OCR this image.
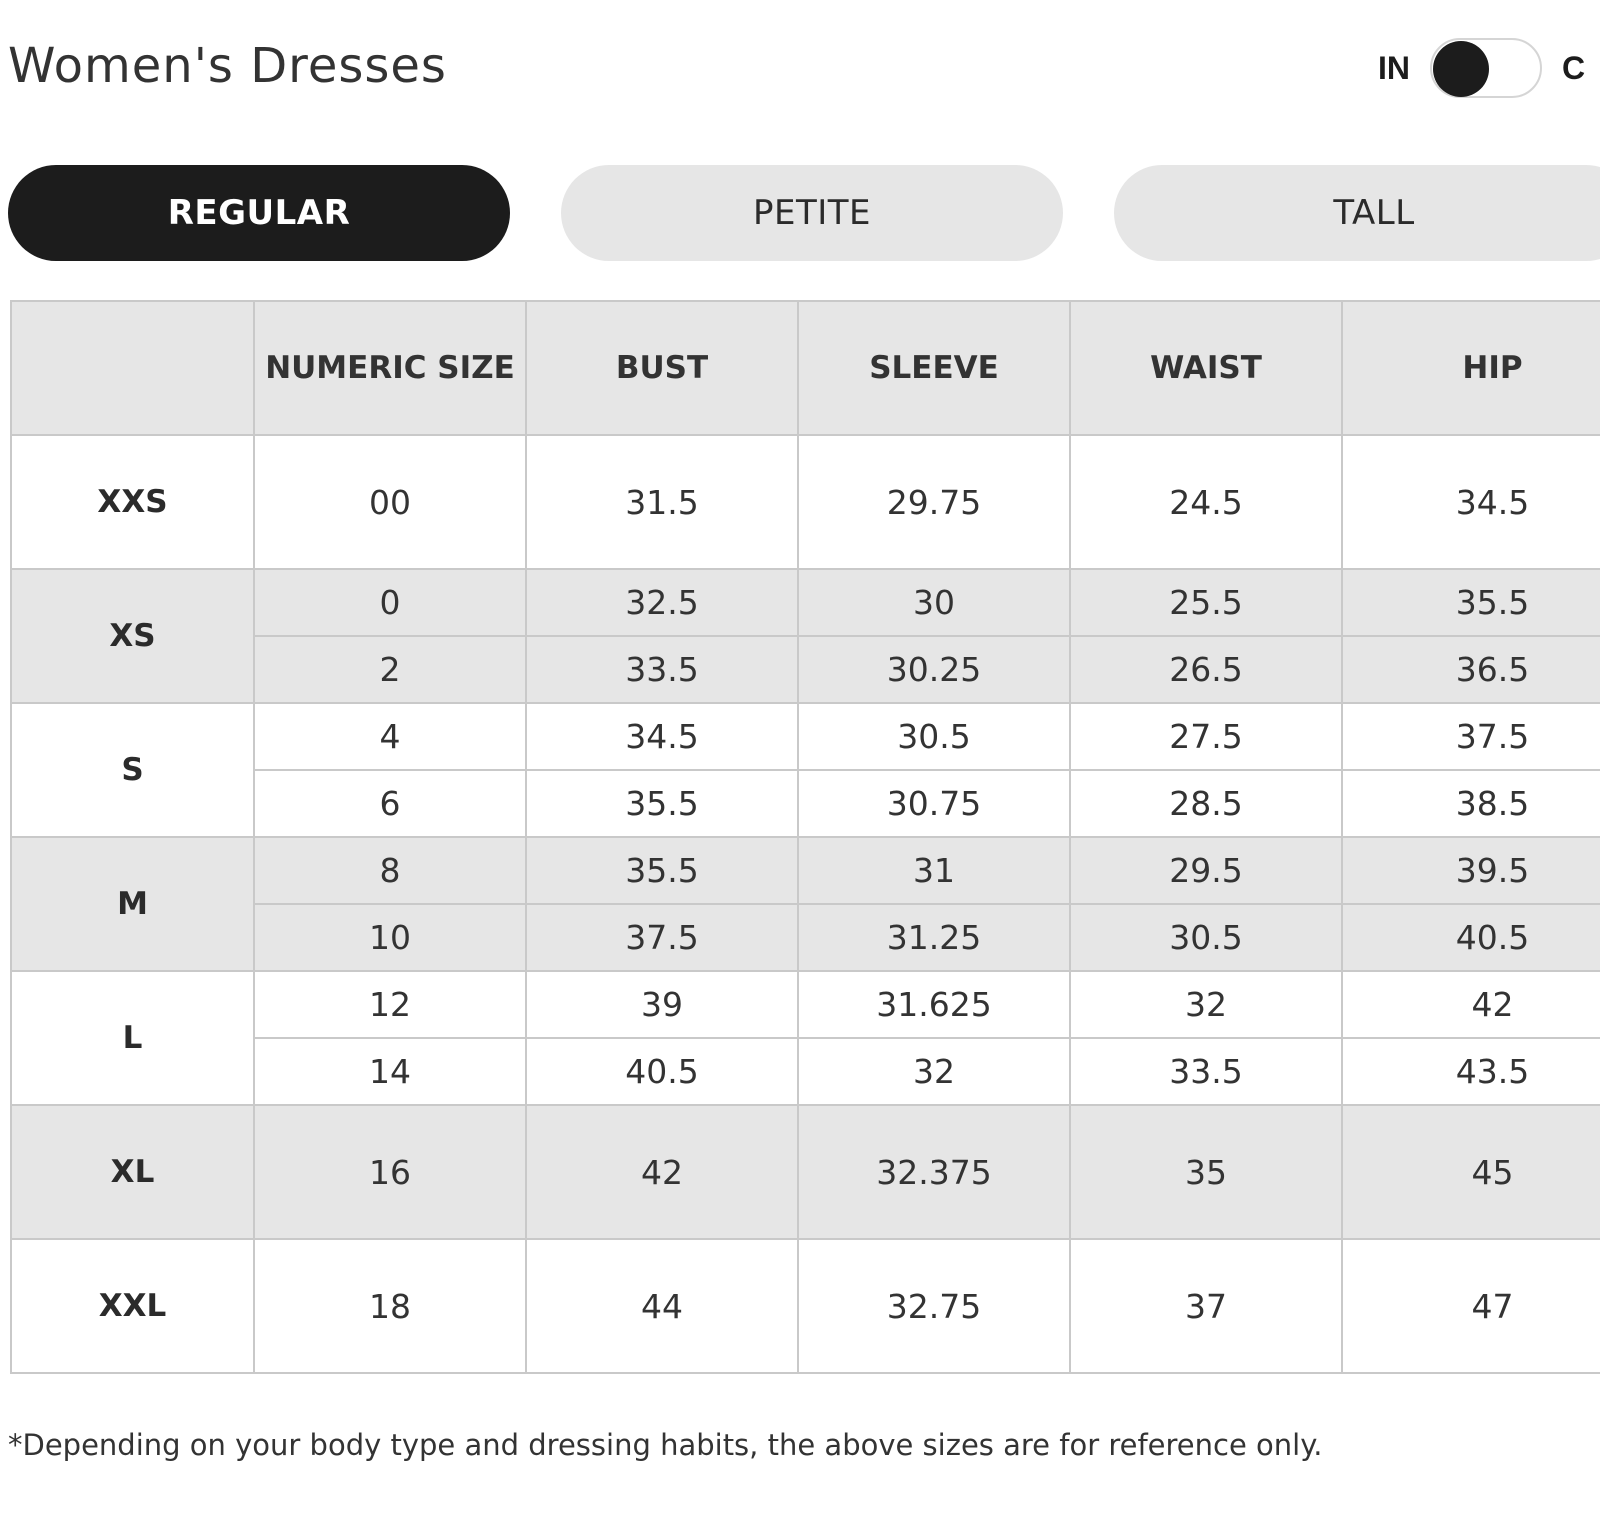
Women's Dresses	IN	C
REGULAR	PETITE	TALL
	NUMERIC SIZE	BUST	SLEEVE	WAIST	HIP
XXS	00	31.5	29.75	24.5	34.5
XS	0	32.5	30	25.5	35.5
	2	33.5	30.25	26.5	36.5
S	4	34.5	30.5	27.5	37.5
	6	35.5	30.75	28.5	38.5
M	8	35.5	31	29.5	39.5
	10	37.5	31.25	30.5	40.5
L	12	39	31.625	32	42
	14	40.5	32	33.5	43.5
XL	16	42	32.375	35	45
XXL	18	44	32.75	37	47

*Depending on your body type and dressing habits, the above sizes are for reference only.
